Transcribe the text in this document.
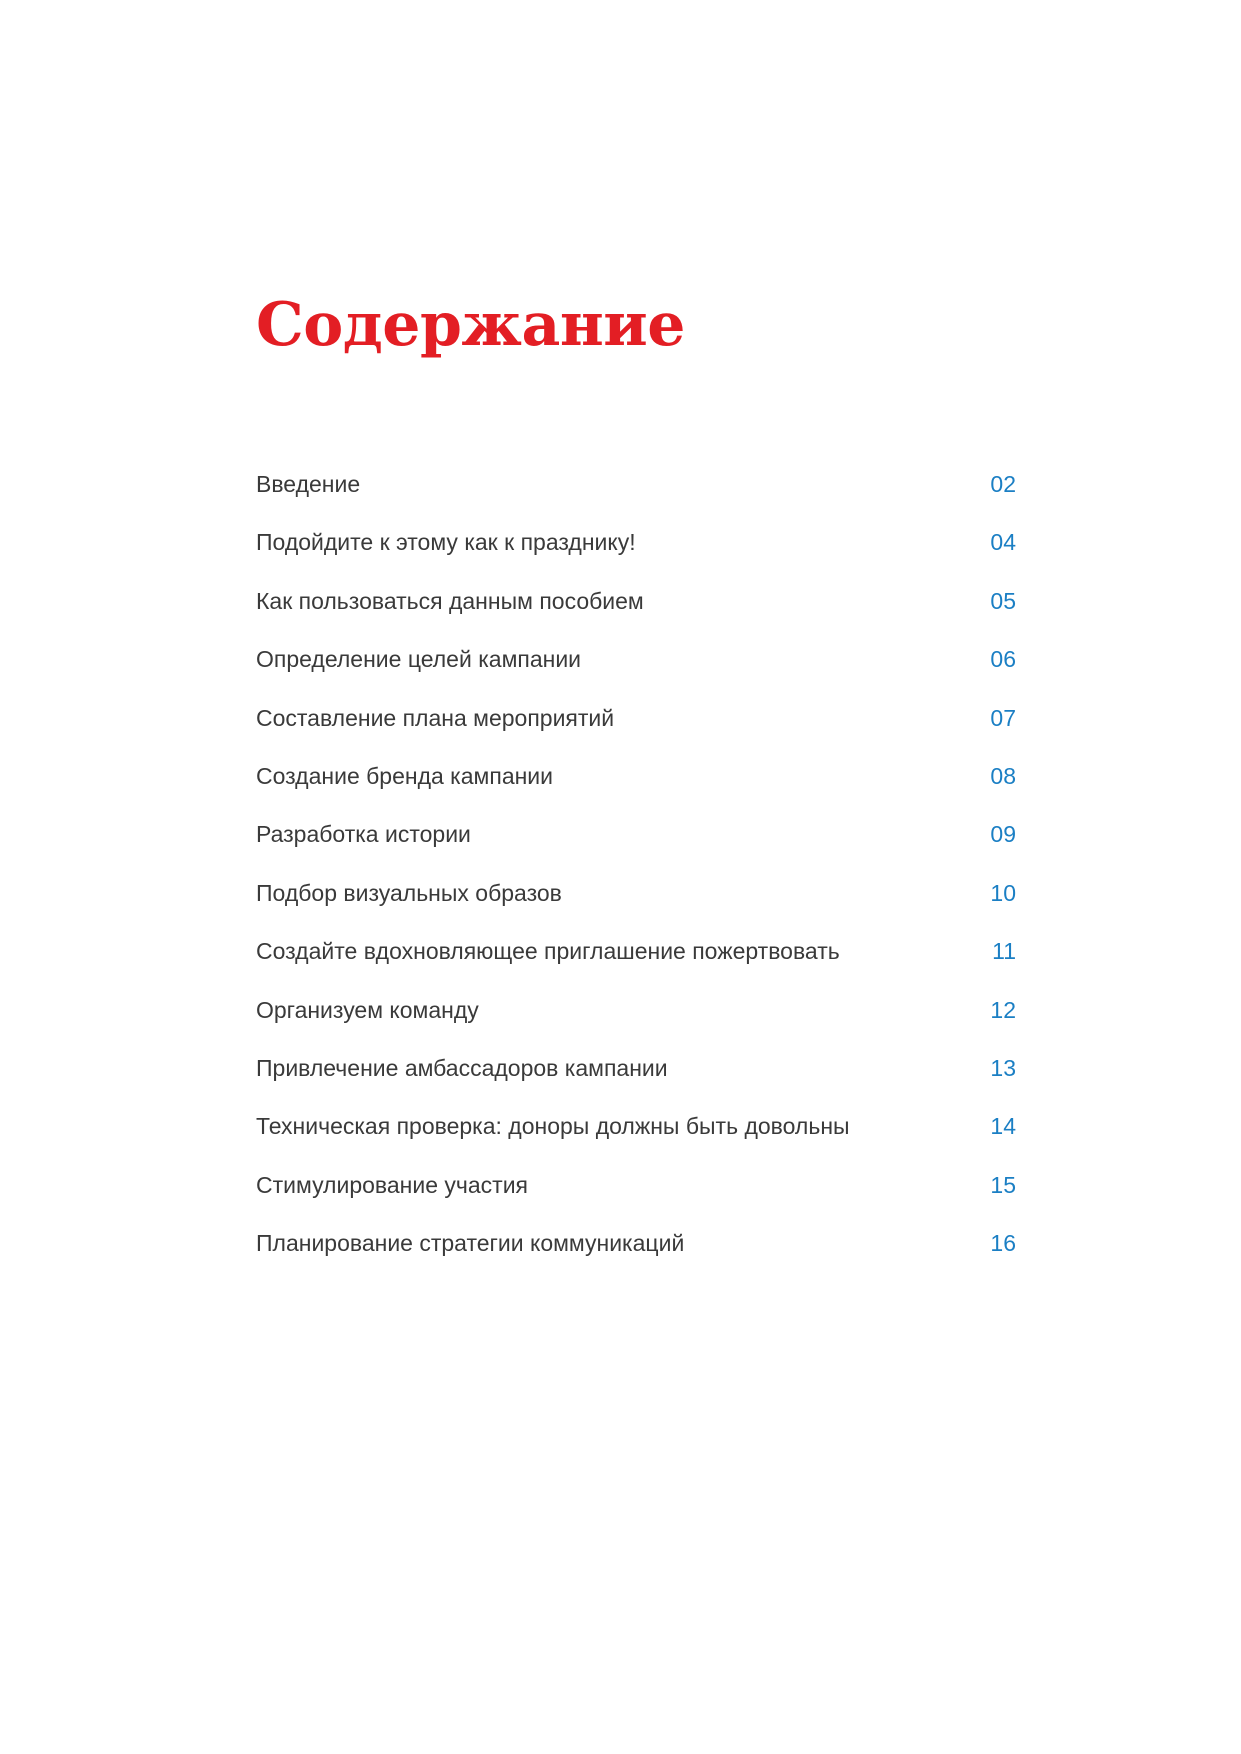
Содержание
Введение	02
Подойдите к этому как к празднику!	04
Как пользоваться данным пособием	05
Определение целей кампании	06
Составление плана мероприятий	07
Создание бренда кампании	08
Разработка истории	09
Подбор визуальных образов	10
Создайте вдохновляющее приглашение пожертвовать	11
Организуем команду	12
Привлечение амбассадоров кампании	13
Техническая проверка: доноры должны быть довольны	14
Стимулирование участия	15
Планирование стратегии коммуникаций	16
